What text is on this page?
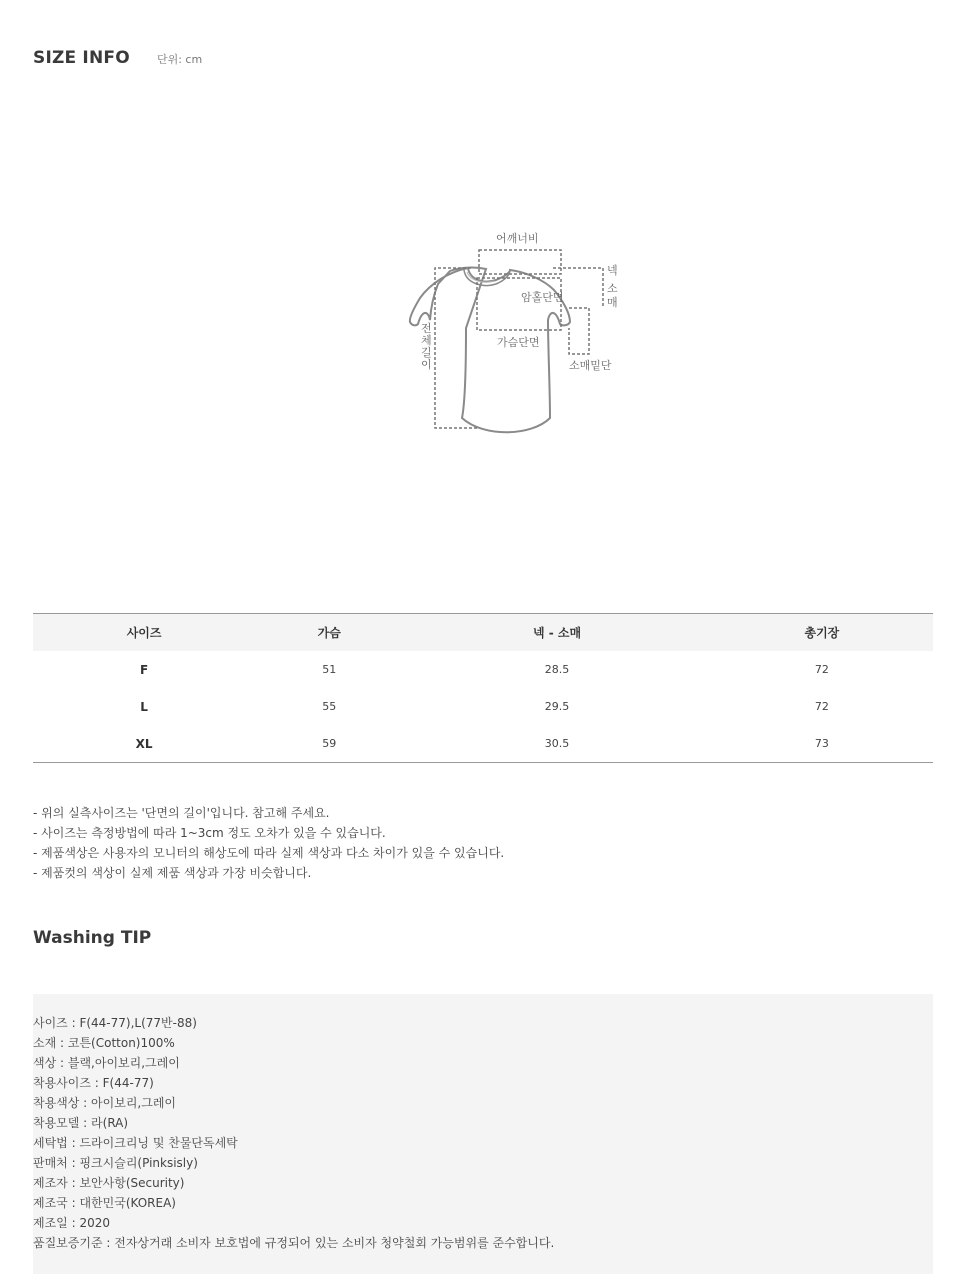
SIZE INFO 단위: cm
어깨너비
가슴단면
암홀단면
전
체
길
이
넥
소
매
소매밑단
사이즈	가슴	넥 - 소매	총기장
F	51	28.5	72
L	55	29.5	72
XL	59	30.5	73
- 위의 실측사이즈는 '단면의 길이'입니다. 참고해 주세요.
- 사이즈는 측정방법에 따라 1~3cm 정도 오차가 있을 수 있습니다.
- 제품색상은 사용자의 모니터의 해상도에 따라 실제 색상과 다소 차이가 있을 수 있습니다.
- 제품컷의 색상이 실제 제품 색상과 가장 비슷합니다.
Washing TIP
사이즈 : F(44-77),L(77반-88)
소재 : 코튼(Cotton)100%
색상 : 블랙,아이보리,그레이
착용사이즈 : F(44-77)
착용색상 : 아이보리,그레이
착용모델 : 라(RA)
세탁법 : 드라이크리닝 및 찬물단독세탁
판매처 : 핑크시슬리(Pinksisly)
제조자 : 보안사항(Security)
제조국 : 대한민국(KOREA)
제조일 : 2020
품질보증기준 : 전자상거래 소비자 보호법에 규정되어 있는 소비자 청약철회 가능범위를 준수합니다.
